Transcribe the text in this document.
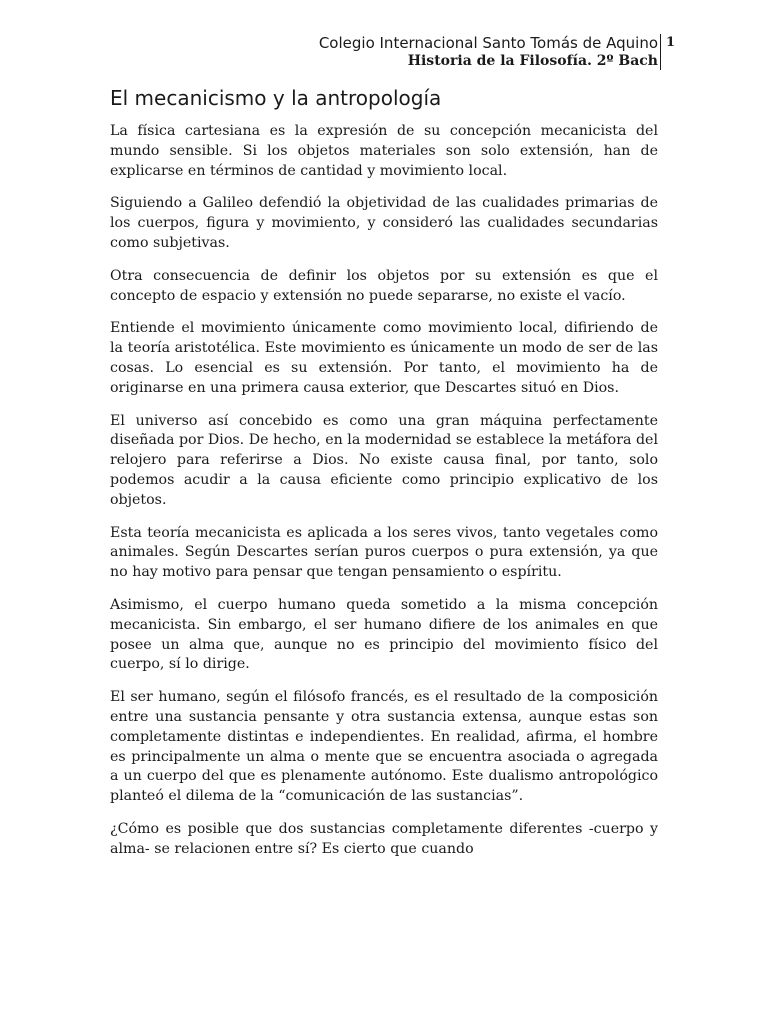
Colegio Internacional Santo Tomás de Aquino
Historia de la Filosofía. 2º Bach
1
El mecanicismo y la antropología

La física cartesiana es la expresión de su concepción mecanicista del mundo sensible. Si los objetos materiales son solo extensión, han de explicarse en términos de cantidad y movimiento local.

Siguiendo a Galileo defendió la objetividad de las cualidades primarias de los cuerpos, figura y movimiento, y consideró las cualidades secundarias como subjetivas.

Otra consecuencia de definir los objetos por su extensión es que el concepto de espacio y extensión no puede separarse, no existe el vacío.

Entiende el movimiento únicamente como movimiento local, difiriendo de la teoría aristotélica. Este movimiento es únicamente un modo de ser de las cosas. Lo esencial es su extensión. Por tanto, el movimiento ha de originarse en una primera causa exterior, que Descartes situó en Dios.

El universo así concebido es como una gran máquina perfectamente diseñada por Dios. De hecho, en la modernidad se establece la metáfora del relojero para referirse a Dios. No existe causa final, por tanto, solo podemos acudir a la causa eficiente como principio explicativo de los objetos.

Esta teoría mecanicista es aplicada a los seres vivos, tanto vegetales como animales. Según Descartes serían puros cuerpos o pura extensión, ya que no hay motivo para pensar que tengan pensamiento o espíritu.

Asimismo, el cuerpo humano queda sometido a la misma concepción mecanicista. Sin embargo, el ser humano difiere de los animales en que posee un alma que, aunque no es principio del movimiento físico del cuerpo, sí lo dirige.

El ser humano, según el filósofo francés, es el resultado de la composición entre una sustancia pensante y otra sustancia extensa, aunque estas son completamente distintas e independientes. En realidad, afirma, el hombre es principalmente un alma o mente que se encuentra asociada o agregada a un cuerpo del que es plenamente autónomo. Este dualismo antropológico planteó el dilema de la “comunicación de las sustancias”.

¿Cómo es posible que dos sustancias completamente diferentes -cuerpo y alma- se relacionen entre sí? Es cierto que cuando
